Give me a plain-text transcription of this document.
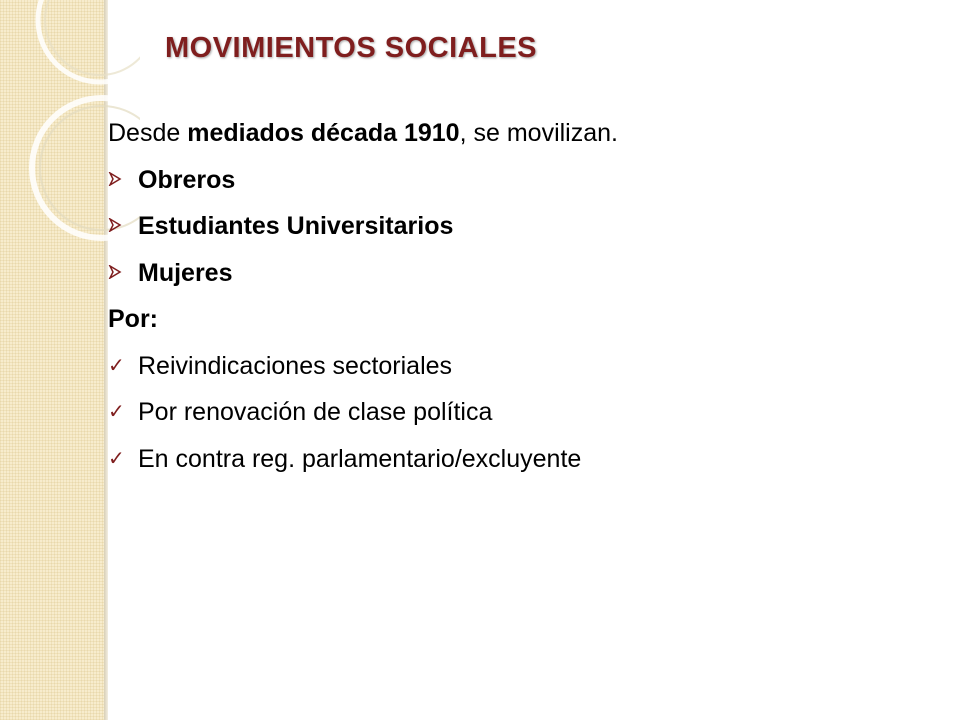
MOVIMIENTOS SOCIALES
Desde mediados década 1910 , se movilizan.
Obreros
Estudiantes Universitarios
Mujeres
Por:
✓ Reivindicaciones sectoriales
✓ Por renovación de clase política
✓ En contra reg. parlamentario/excluyente
